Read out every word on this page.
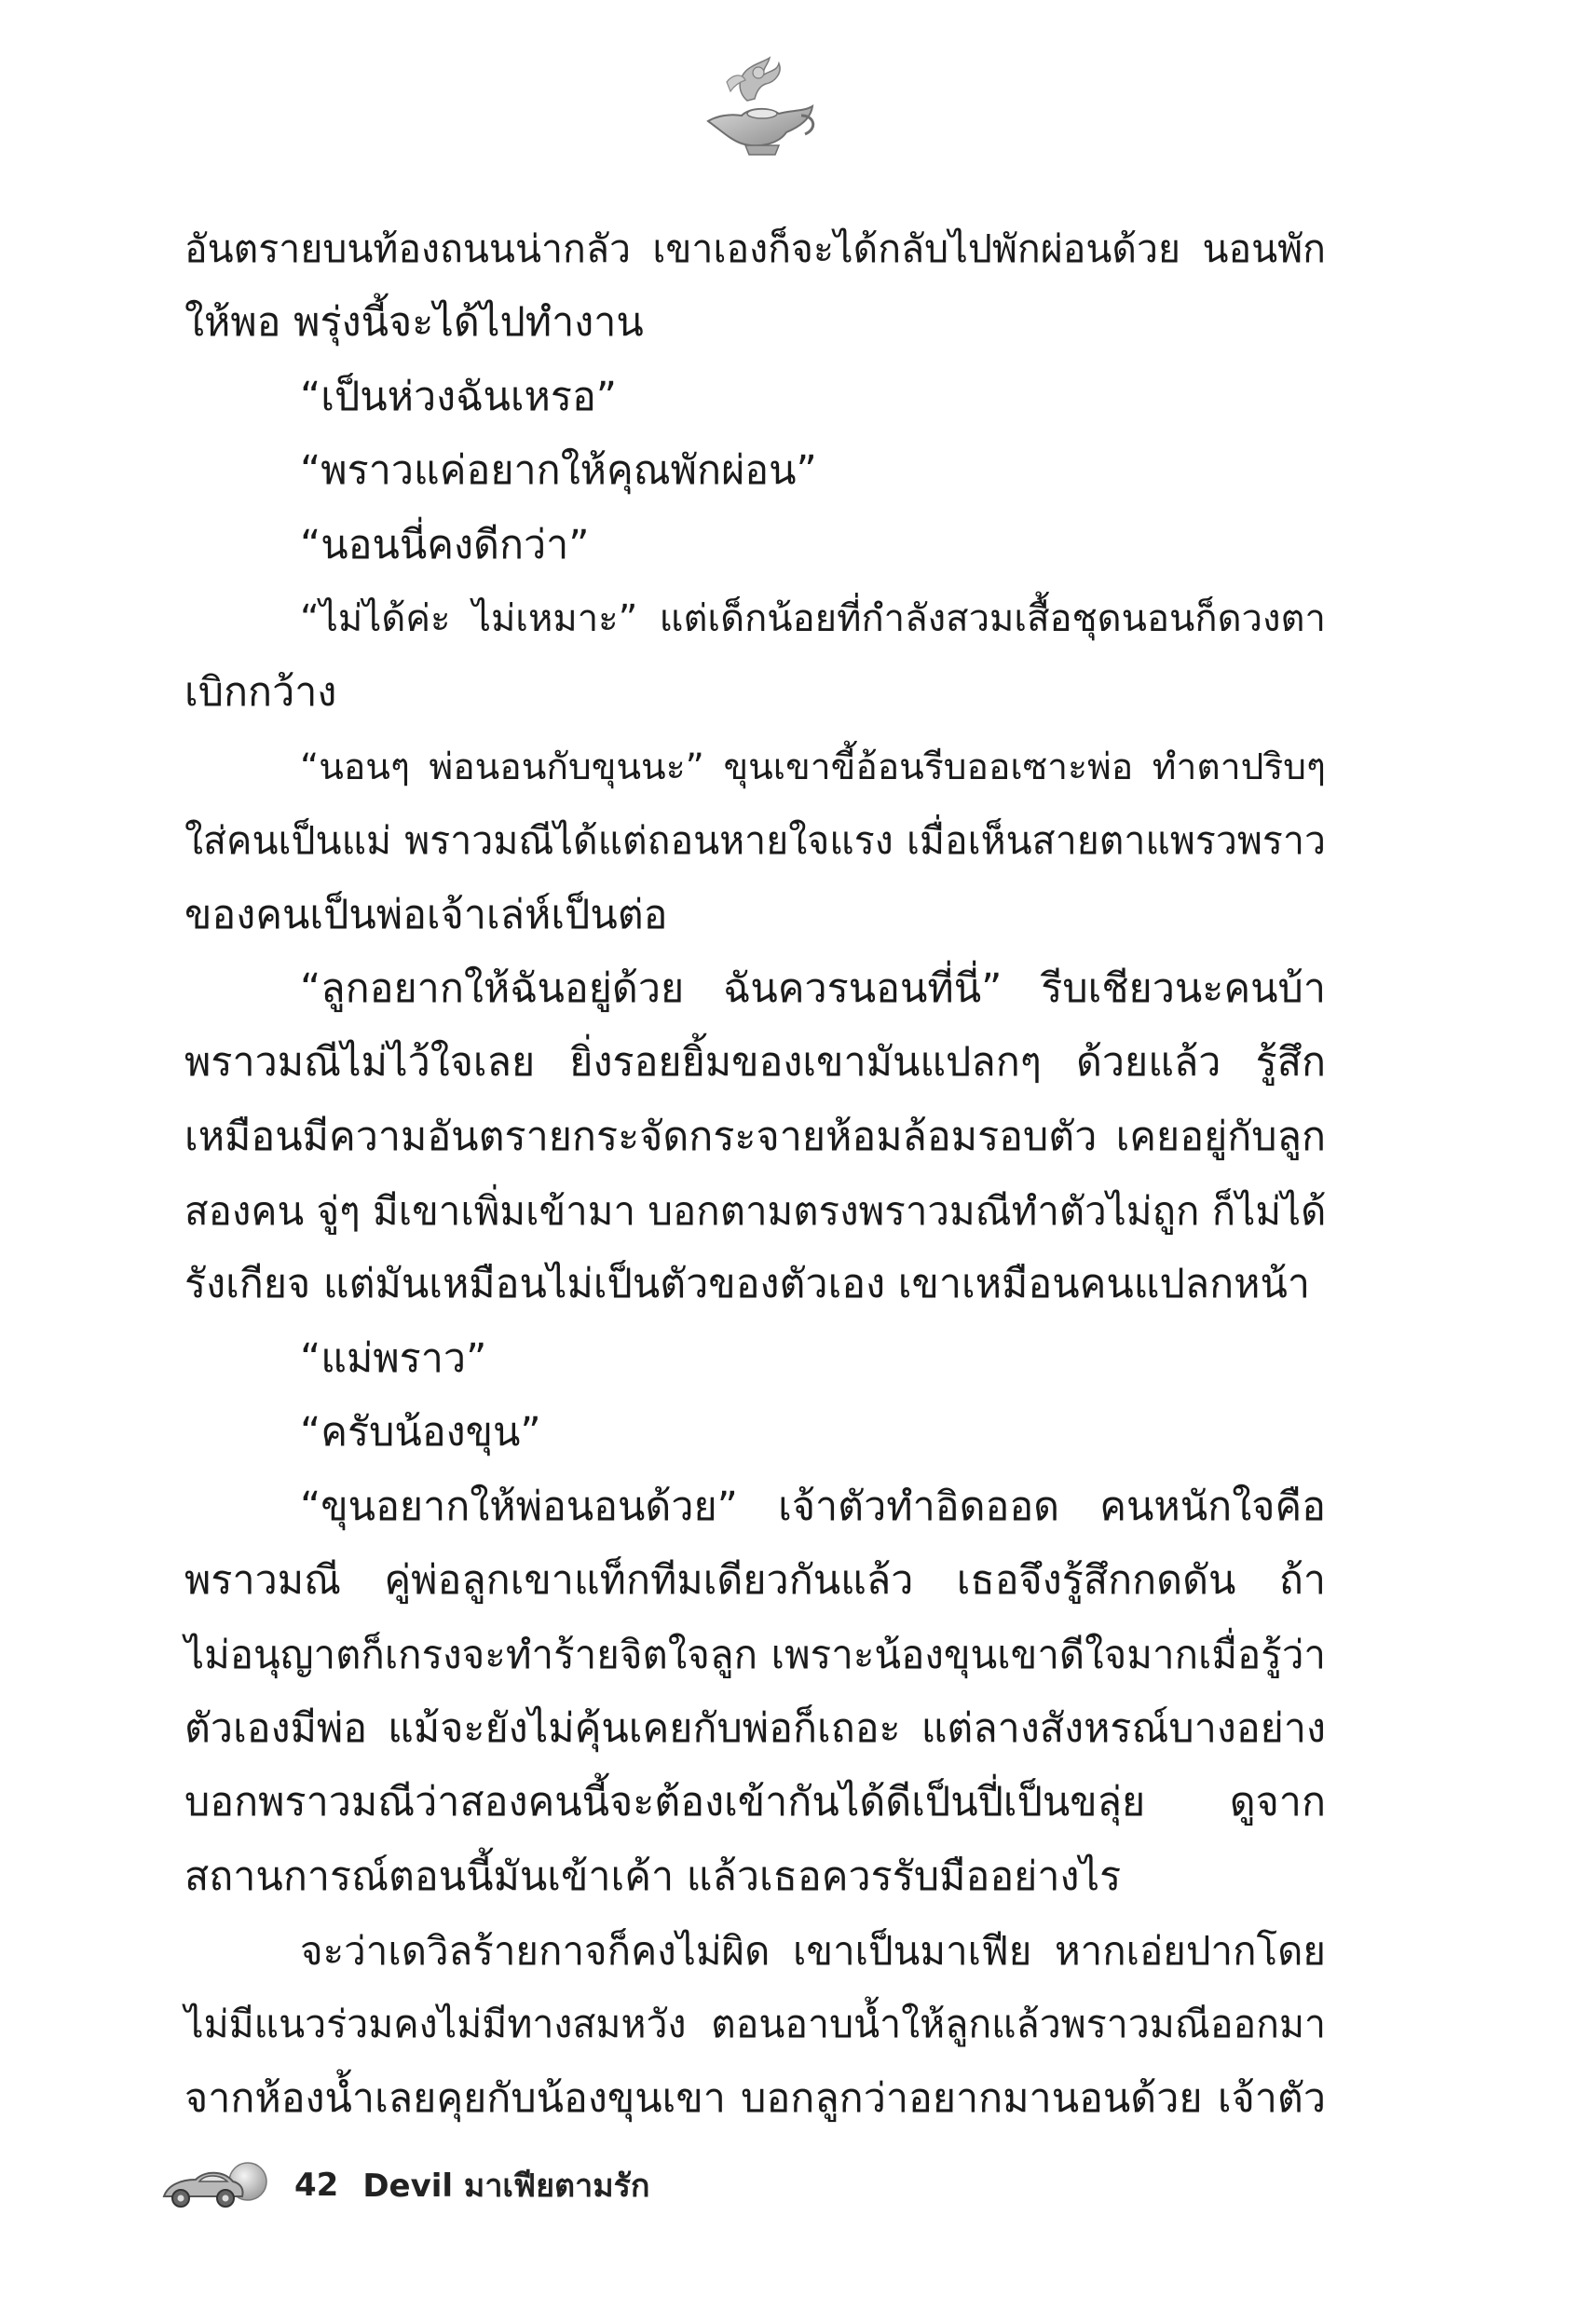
อันตรายบนท้องถนนน่ากลัว เขาเองก็จะได้กลับไปพักผ่อนด้วย นอนพัก
ให้พอ พรุ่งนี้จะได้ไปทำงาน
“เป็นห่วงฉันเหรอ”
“พราวแค่อยากให้คุณพักผ่อน”
“นอนนี่คงดีกว่า”
“ไม่ได้ค่ะ ไม่เหมาะ” แต่เด็กน้อยที่กำลังสวมเสื้อชุดนอนก็ดวงตา
เบิกกว้าง
“นอนๆ พ่อนอนกับขุนนะ” ขุนเขาขี้อ้อนรีบออเซาะพ่อ ทำตาปริบๆ
ใส่คนเป็นแม่ พราวมณีได้แต่ถอนหายใจแรง เมื่อเห็นสายตาแพรวพราว
ของคนเป็นพ่อเจ้าเล่ห์เป็นต่อ
“ลูกอยากให้ฉันอยู่ด้วย ฉันควรนอนที่นี่” รีบเชียวนะคนบ้า
พราวมณีไม่ไว้ใจเลย ยิ่งรอยยิ้มของเขามันแปลกๆ ด้วยแล้ว รู้สึก
เหมือนมีความอันตรายกระจัดกระจายห้อมล้อมรอบตัว เคยอยู่กับลูก
สองคน จู่ๆ มีเขาเพิ่มเข้ามา บอกตามตรงพราวมณีทำตัวไม่ถูก ก็ไม่ได้
รังเกียจ แต่มันเหมือนไม่เป็นตัวของตัวเอง เขาเหมือนคนแปลกหน้า
“แม่พราว”
“ครับน้องขุน”
“ขุนอยากให้พ่อนอนด้วย” เจ้าตัวทำอิดออด คนหนักใจคือ
พราวมณี คู่พ่อลูกเขาแท็กทีมเดียวกันแล้ว เธอจึงรู้สึกกดดัน ถ้า
ไม่อนุญาตก็เกรงจะทำร้ายจิตใจลูก เพราะน้องขุนเขาดีใจมากเมื่อรู้ว่า
ตัวเองมีพ่อ แม้จะยังไม่คุ้นเคยกับพ่อก็เถอะ แต่ลางสังหรณ์บางอย่าง
บอกพราวมณีว่าสองคนนี้จะต้องเข้ากันได้ดีเป็นปี่เป็นขลุ่ย ดูจาก
สถานการณ์ตอนนี้มันเข้าเค้า แล้วเธอควรรับมืออย่างไร
จะว่าเดวิลร้ายกาจก็คงไม่ผิด เขาเป็นมาเฟีย หากเอ่ยปากโดย
ไม่มีแนวร่วมคงไม่มีทางสมหวัง ตอนอาบน้ำให้ลูกแล้วพราวมณีออกมา
จากห้องน้ำเลยคุยกับน้องขุนเขา บอกลูกว่าอยากมานอนด้วย เจ้าตัว
42 Devil มาเฟียตามรัก
